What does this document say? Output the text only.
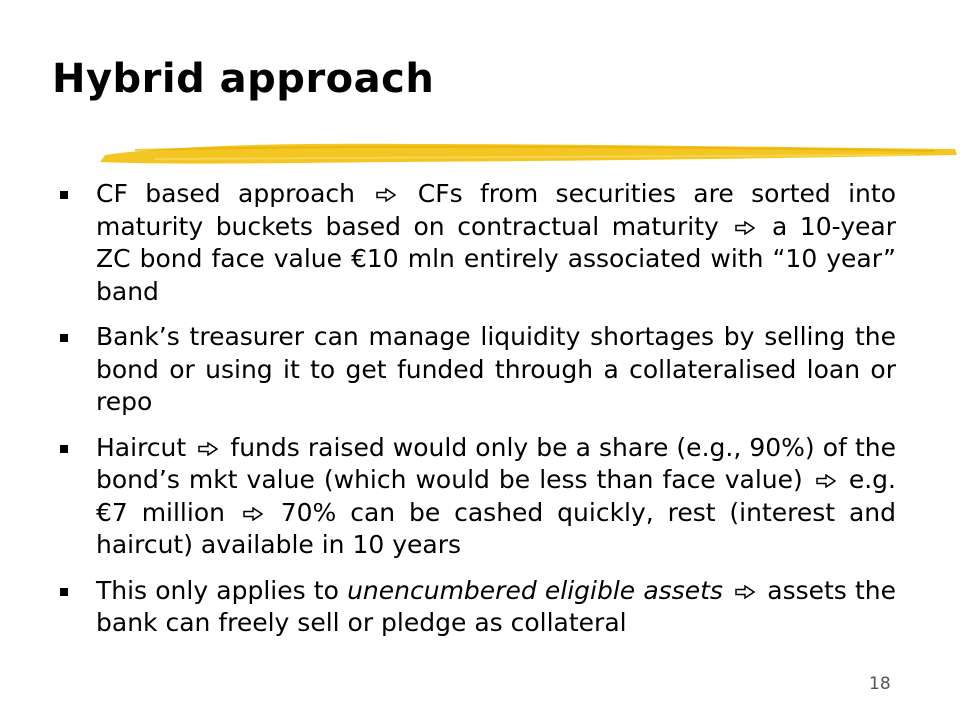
Hybrid approach
CF based approach	CFs from securities are sorted into maturity buckets based on contractual maturity a 10-year ZC bond face value €10 mln entirely associated with “10 year” band
Bank’s treasurer can manage liquidity shortages by selling the bond or using it to get funded through a collateralised loan or repo
Haircut funds raised would only be a share (e.g., 90%) of the bond’s mkt value (which would be less than face value) e.g. €7 million 70% can be cashed quickly, rest (interest and haircut) available in 10 years
This only applies to unencumbered eligible assets assets the bank can freely sell or pledge as collateral
18
